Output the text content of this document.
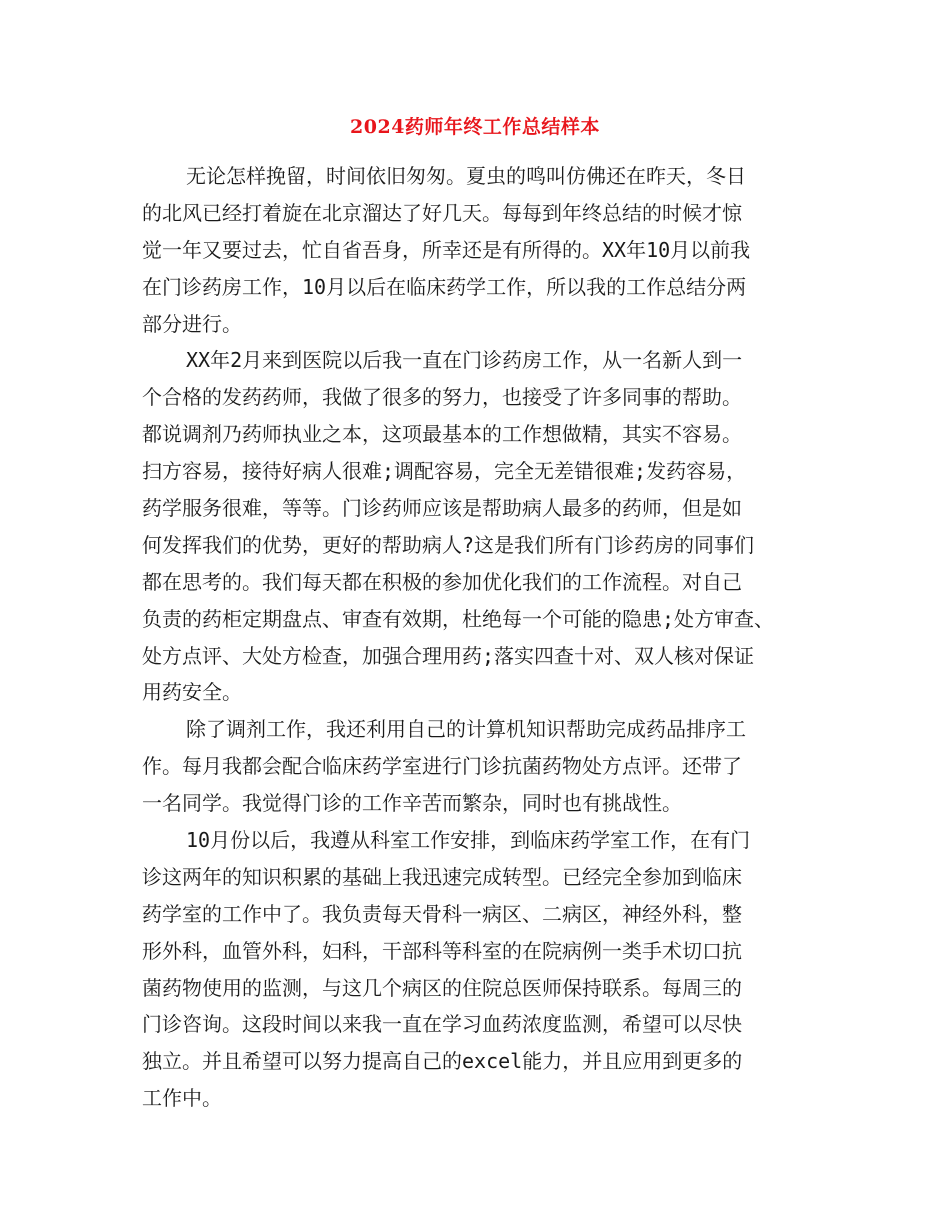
2024药师年终工作总结样本

无论怎样挽留，时间依旧匆匆。夏虫的鸣叫仿佛还在昨天，冬日
的北风已经打着旋在北京溜达了好几天。每每到年终总结的时候才惊
觉一年又要过去，忙自省吾身，所幸还是有所得的。XX年10月以前我
在门诊药房工作，10月以后在临床药学工作，所以我的工作总结分两
部分进行。

XX年2月来到医院以后我一直在门诊药房工作，从一名新人到一
个合格的发药药师，我做了很多的努力，也接受了许多同事的帮助。
都说调剂乃药师执业之本，这项最基本的工作想做精，其实不容易。
扫方容易，接待好病人很难;调配容易，完全无差错很难;发药容易，
药学服务很难，等等。门诊药师应该是帮助病人最多的药师，但是如
何发挥我们的优势，更好的帮助病人?这是我们所有门诊药房的同事们
都在思考的。我们每天都在积极的参加优化我们的工作流程。对自己
负责的药柜定期盘点、审查有效期，杜绝每一个可能的隐患;处方审查、
处方点评、大处方检查，加强合理用药;落实四查十对、双人核对保证
用药安全。

除了调剂工作，我还利用自己的计算机知识帮助完成药品排序工
作。每月我都会配合临床药学室进行门诊抗菌药物处方点评。还带了
一名同学。我觉得门诊的工作辛苦而繁杂，同时也有挑战性。

10月份以后，我遵从科室工作安排，到临床药学室工作，在有门
诊这两年的知识积累的基础上我迅速完成转型。已经完全参加到临床
药学室的工作中了。我负责每天骨科一病区、二病区，神经外科，整
形外科，血管外科，妇科，干部科等科室的在院病例一类手术切口抗
菌药物使用的监测，与这几个病区的住院总医师保持联系。每周三的
门诊咨询。这段时间以来我一直在学习血药浓度监测，希望可以尽快
独立。并且希望可以努力提高自己的excel能力，并且应用到更多的
工作中。
